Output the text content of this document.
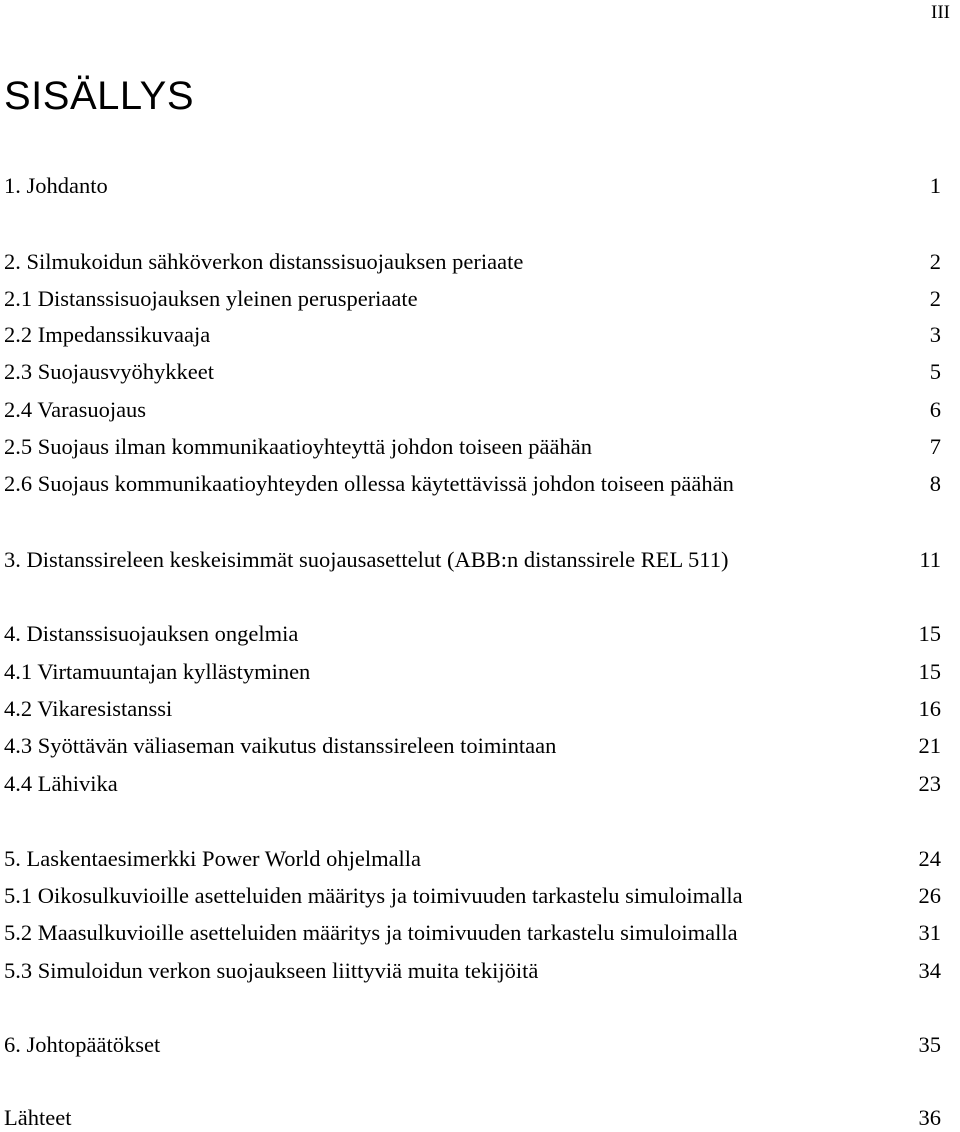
III
SISÄLLYS
1. Johdanto	1
2. Silmukoidun sähköverkon distanssisuojauksen periaate	2
2.1 Distanssisuojauksen yleinen perusperiaate	2
2.2 Impedanssikuvaaja	3
2.3 Suojausvyöhykkeet	5
2.4 Varasuojaus	6
2.5 Suojaus ilman kommunikaatioyhteyttä johdon toiseen päähän	7
2.6 Suojaus kommunikaatioyhteyden ollessa käytettävissä johdon toiseen päähän	8
3. Distanssireleen keskeisimmät suojausasettelut (ABB:n distanssirele REL 511)	11
4. Distanssisuojauksen ongelmia	15
4.1 Virtamuuntajan kyllästyminen	15
4.2 Vikaresistanssi	16
4.3 Syöttävän väliaseman vaikutus distanssireleen toimintaan	21
4.4 Lähivika	23
5. Laskentaesimerkki Power World ohjelmalla	24
5.1 Oikosulkuvioille asetteluiden määritys ja toimivuuden tarkastelu simuloimalla	26
5.2 Maasulkuvioille asetteluiden määritys ja toimivuuden tarkastelu simuloimalla	31
5.3 Simuloidun verkon suojaukseen liittyviä muita tekijöitä	34
6. Johtopäätökset	35
Lähteet	36
